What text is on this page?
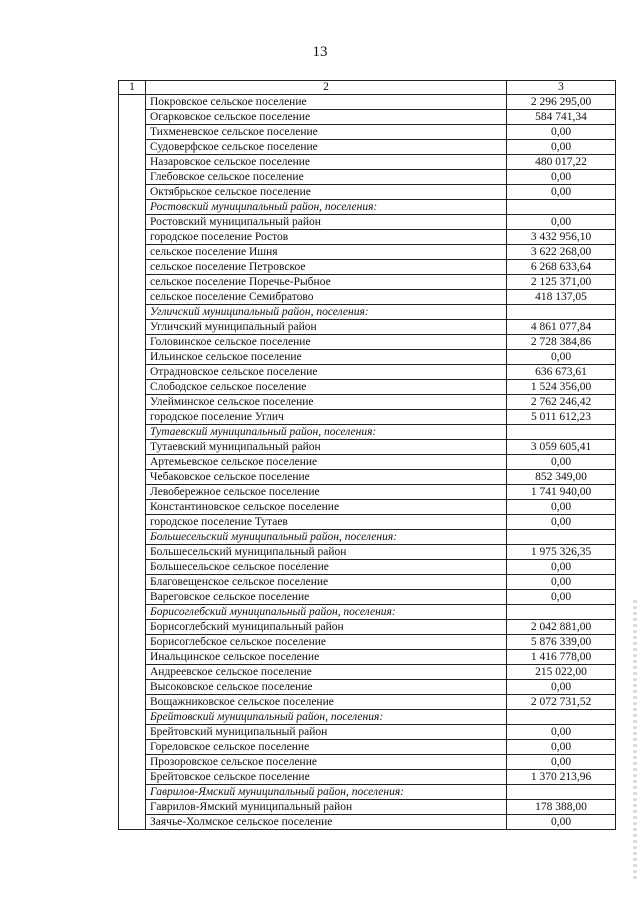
13
1	2	3
	Покровское сельское поселение	2 296 295,00
	Огарковское сельское поселение	584 741,34
	Тихменевское сельское поселение	0,00
	Судоверфское сельское поселение	0,00
	Назаровское сельское поселение	480 017,22
	Глебовское сельское поселение	0,00
	Октябрьское сельское поселение	0,00
	Ростовский муниципальный район, поселения:	
	Ростовский муниципальный район	0,00
	городское поселение Ростов	3 432 956,10
	сельское поселение Ишня	3 622 268,00
	сельское поселение Петровское	6 268 633,64
	сельское поселение Поречье-Рыбное	2 125 371,00
	сельское поселение Семибратово	418 137,05
	Угличский муниципальный район, поселения:	
	Угличский муниципальный район	4 861 077,84
	Головинское сельское поселение	2 728 384,86
	Ильинское сельское поселение	0,00
	Отрадновское сельское поселение	636 673,61
	Слободское сельское поселение	1 524 356,00
	Улейминское сельское поселение	2 762 246,42
	городское поселение Углич	5 011 612,23
	Тутаевский муниципальный район, поселения:	
	Тутаевский муниципальный район	3 059 605,41
	Артемьевское сельское поселение	0,00
	Чебаковское сельское поселение	852 349,00
	Левобережное сельское поселение	1 741 940,00
	Константиновское сельское поселение	0,00
	городское поселение Тутаев	0,00
	Большесельский муниципальный район, поселения:	
	Большесельский муниципальный район	1 975 326,35
	Большесельское сельское поселение	0,00
	Благовещенское сельское поселение	0,00
	Вареговское сельское поселение	0,00
	Борисоглебский муниципальный район, поселения:	
	Борисоглебский муниципальный район	2 042 881,00
	Борисоглебское сельское поселение	5 876 339,00
	Инальцинское сельское поселение	1 416 778,00
	Андреевское сельское поселение	215 022,00
	Высоковское сельское поселение	0,00
	Вощажниковское сельское поселение	2 072 731,52
	Брейтовский муниципальный район, поселения:	
	Брейтовский муниципальный район	0,00
	Гореловское сельское поселение	0,00
	Прозоровское сельское поселение	0,00
	Брейтовское сельское поселение	1 370 213,96
	Гаврилов-Ямский муниципальный район, поселения:	
	Гаврилов-Ямский муниципальный район	178 388,00
	Заячье-Холмское сельское поселение	0,00
